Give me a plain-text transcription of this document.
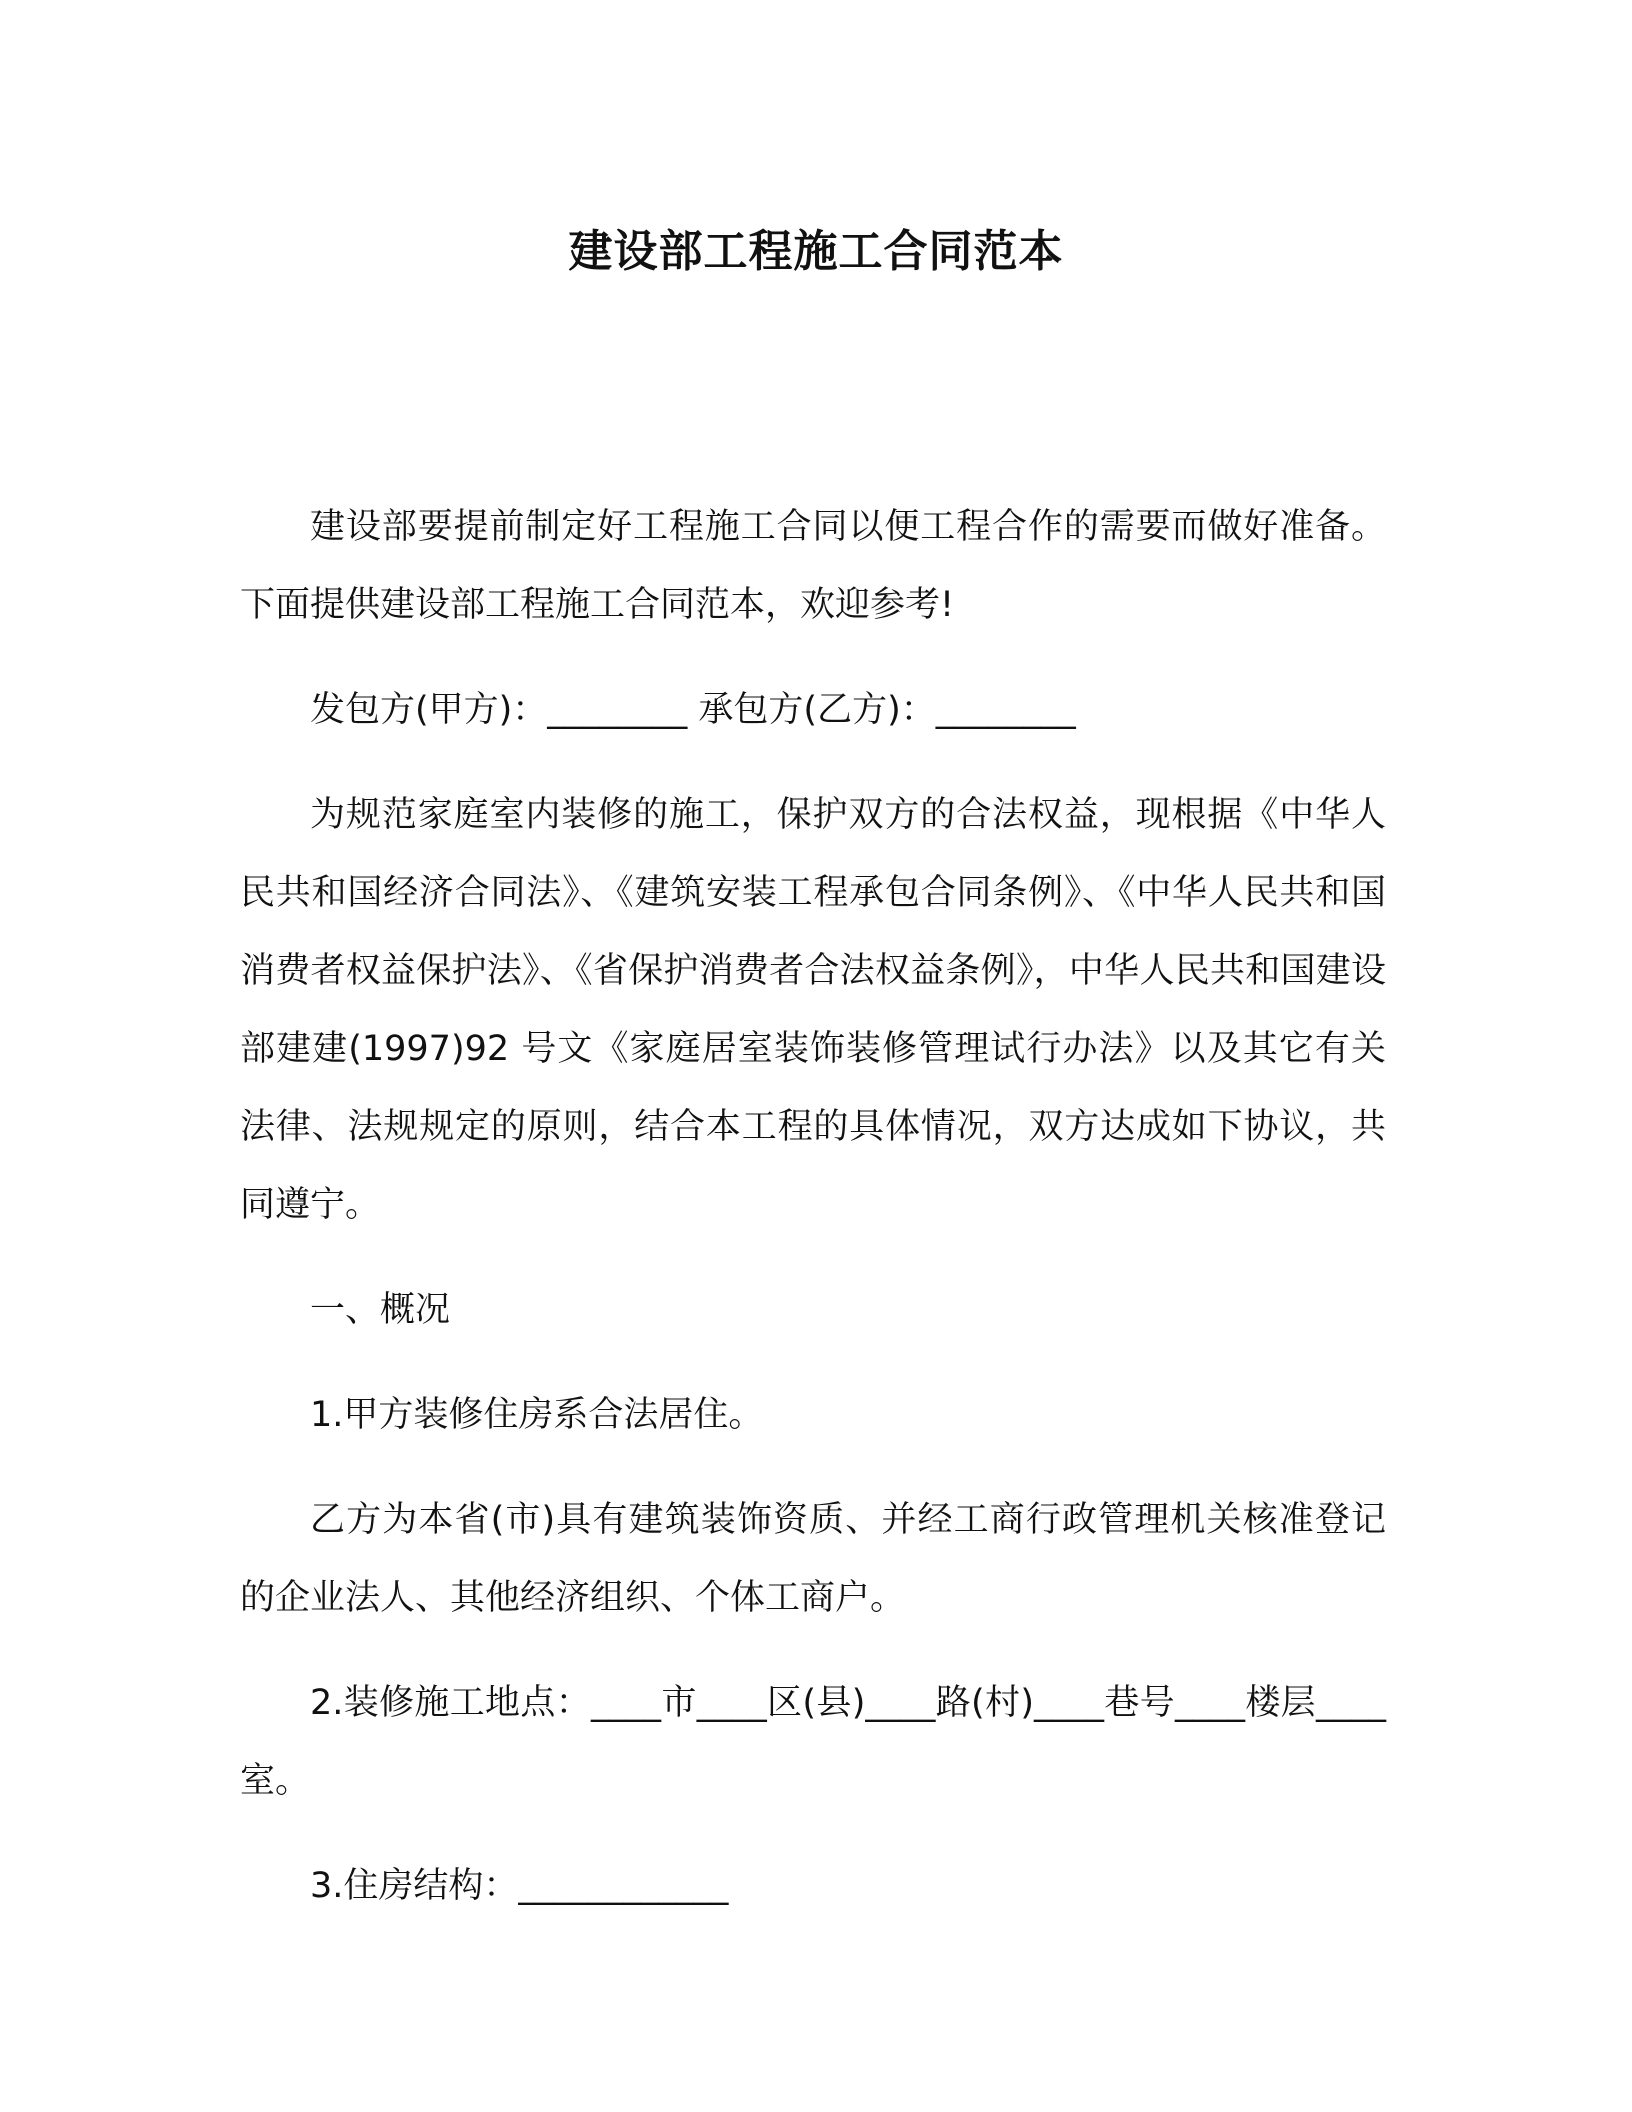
建设部工程施工合同范本

建设部要提前制定好工程施工合同以便工程合作的需要而做好准备。下面提供建设部工程施工合同范本，欢迎参考!

发包方(甲方)：________ 承包方(乙方)：________

为规范家庭室内装修的施工，保护双方的合法权益，现根据《中华人民共和国经济合同法》、《建筑安装工程承包合同条例》、《中华人民共和国消费者权益保护法》、《省保护消费者合法权益条例》，中华人民共和国建设部建建(1997)92 号文《家庭居室装饰装修管理试行办法》以及其它有关法律、法规规定的原则，结合本工程的具体情况，双方达成如下协议，共同遵宁。

一、概况

1.甲方装修住房系合法居住。

乙方为本省(市)具有建筑装饰资质、并经工商行政管理机关核准登记的企业法人、其他经济组织、个体工商户。

2.装修施工地点：____市____区(县)____路(村)____巷号____楼层____室。

3.住房结构：____________
